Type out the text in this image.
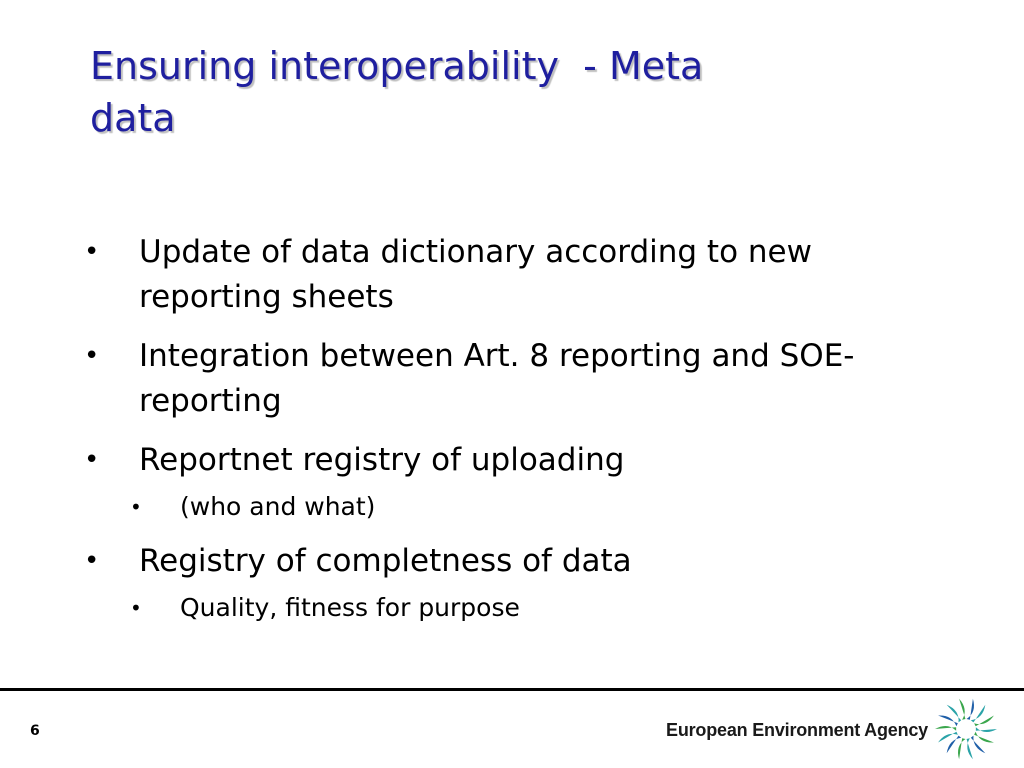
Ensuring interoperability  - Meta
data
• Update of data dictionary according to new reporting sheets
• Integration between Art. 8 reporting and SOE-reporting
• Reportnet registry of uploading
• (who and what)
• Registry of completness of data
• Quality, fitness for purpose
6	European Environment Agency
